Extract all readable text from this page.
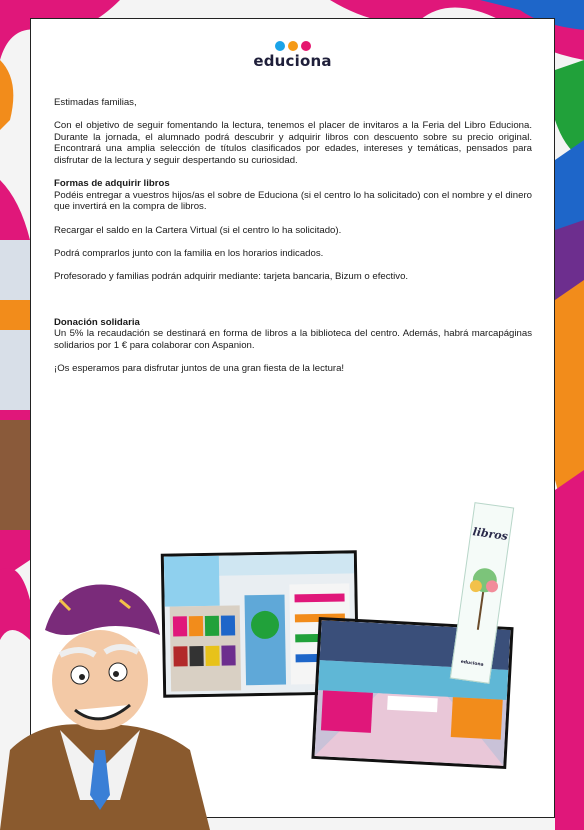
educiona

Estimadas familias,

Con el objetivo de seguir fomentando la lectura, tenemos el placer de invitaros a la Feria del Libro Educiona. Durante la jornada, el alumnado podrá descubrir y adquirir libros con descuento sobre su precio original. Encontrará una amplia selección de títulos clasificados por edades, intereses y temáticas, pensados para disfrutar de la lectura y seguir despertando su curiosidad.

Formas de adquirir libros

Podéis entregar a vuestros hijos/as el sobre de Educiona (si el centro lo ha solicitado) con el nombre y el dinero que invertirá en la compra de libros.

Recargar el saldo en la Cartera Virtual (si el centro lo ha solicitado).

Podrá comprarlos junto con la familia en los horarios indicados.

Profesorado y familias podrán adquirir mediante: tarjeta bancaria, Bizum o efectivo.

Donación solidaria

Un 5% la recaudación se destinará en forma de libros a la biblioteca del centro. Además, habrá marcapáginas solidarios por 1 € para colaborar con Aspanion.

¡Os esperamos para disfrutar juntos de una gran fiesta de la lectura!

libros
educiona
